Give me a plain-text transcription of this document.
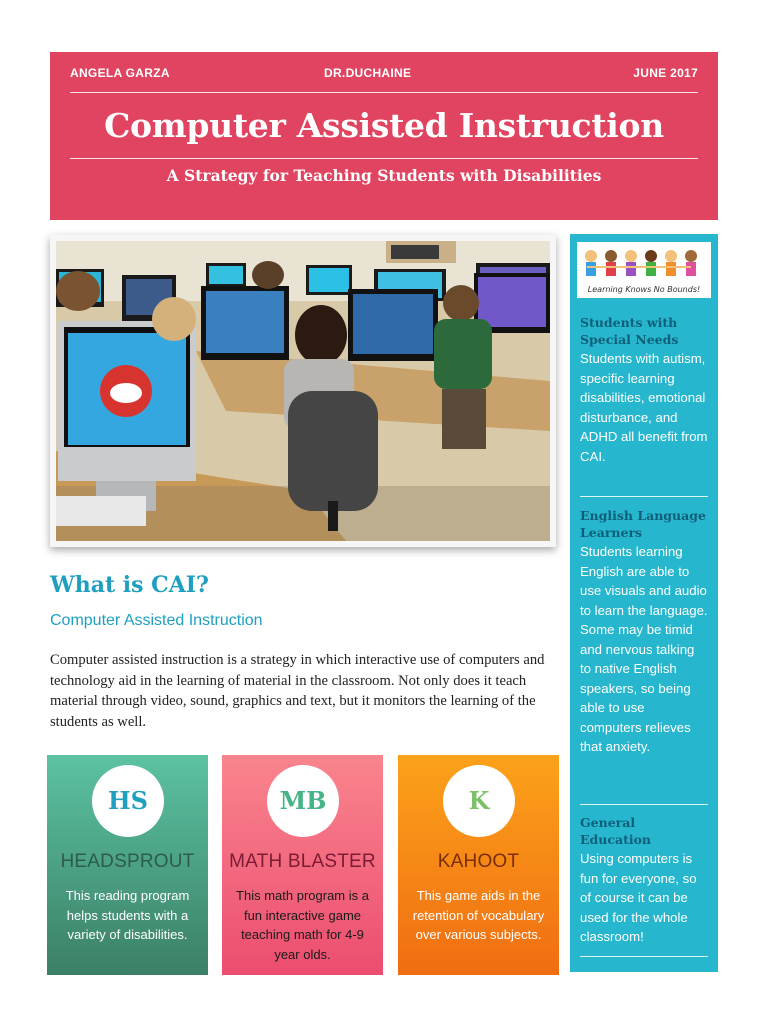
ANGELA GARZA	DR.DUCHAINE	JUNE 2017
Computer Assisted Instruction
A Strategy for Teaching Students with Disabilities
What is CAI?
Computer Assisted Instruction

Computer assisted instruction is a strategy in which interactive use of computers and technology aid in the learning of material in the classroom. Not only does it teach material through video, sound, graphics and text, but it monitors the learning of the students as well.

HS
HEADSPROUT
This reading program helps students with a variety of disabilities.
MB
MATH BLASTER
This math program is a fun interactive game teaching math for 4-9 year olds.
K
KAHOOT
This game aids in the retention of vocabulary over various subjects.
Learning Knows No Bounds!
Students with Special Needs
Students with autism, specific learning disabilities, emotional disturbance, and ADHD all benefit from CAI.
English Language Learners
Students learning English are able to use visuals and audio to learn the language. Some may be timid and nervous talking to native English speakers, so being able to use computers relieves that anxiety.
General Education
Using computers is fun for everyone, so of course it can be used for the whole classroom!
